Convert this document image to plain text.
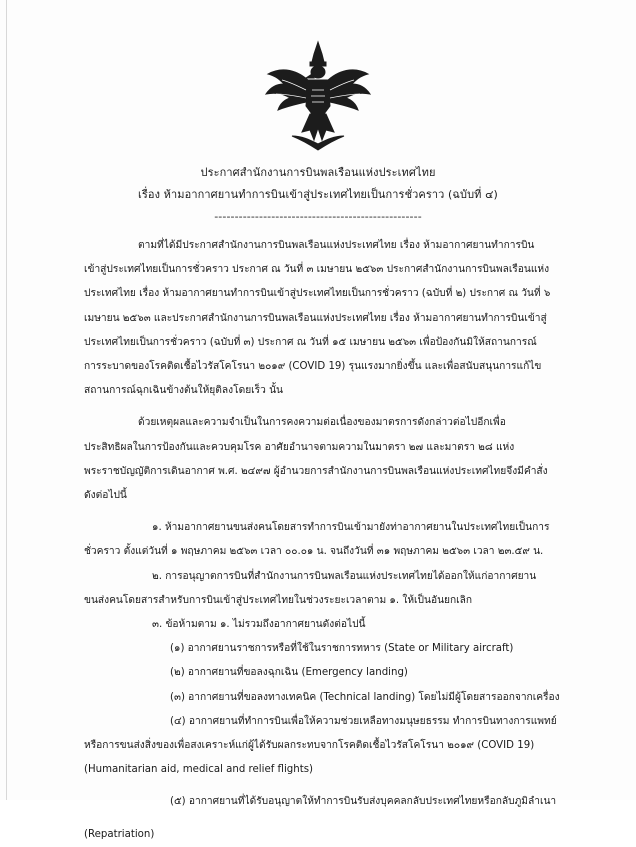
ประกาศสำนักงานการบินพลเรือนแห่งประเทศไทย
เรื่อง ห้ามอากาศยานทำการบินเข้าสู่ประเทศไทยเป็นการชั่วคราว (ฉบับที่ ๔)
---------------------------------------------------

ตามที่ได้มีประกาศสำนักงานการบินพลเรือนแห่งประเทศไทย เรื่อง ห้ามอากาศยานทำการบิน

เข้าสู่ประเทศไทยเป็นการชั่วคราว ประกาศ ณ วันที่ ๓ เมษายน ๒๕๖๓ ประกาศสำนักงานการบินพลเรือนแห่ง

ประเทศไทย เรื่อง ห้ามอากาศยานทำการบินเข้าสู่ประเทศไทยเป็นการชั่วคราว (ฉบับที่ ๒) ประกาศ ณ วันที่ ๖

เมษายน ๒๕๖๓ และประกาศสำนักงานการบินพลเรือนแห่งประเทศไทย เรื่อง ห้ามอากาศยานทำการบินเข้าสู่

ประเทศไทยเป็นการชั่วคราว (ฉบับที่ ๓) ประกาศ ณ วันที่ ๑๕ เมษายน ๒๕๖๓ เพื่อป้องกันมิให้สถานการณ์

การระบาดของโรคติดเชื้อไวรัสโคโรนา ๒๐๑๙ (COVID 19) รุนแรงมากยิ่งขึ้น และเพื่อสนับสนุนการแก้ไข

สถานการณ์ฉุกเฉินข้างต้นให้ยุติลงโดยเร็ว นั้น

ด้วยเหตุผลและความจำเป็นในการคงความต่อเนื่องของมาตรการดังกล่าวต่อไปอีกเพื่อ

ประสิทธิผลในการป้องกันและควบคุมโรค อาศัยอำนาจตามความในมาตรา ๒๗ และมาตรา ๒๘ แห่ง

พระราชบัญญัติการเดินอากาศ พ.ศ. ๒๔๙๗ ผู้อำนวยการสำนักงานการบินพลเรือนแห่งประเทศไทยจึงมีคำสั่ง

ดังต่อไปนี้

๑. ห้ามอากาศยานขนส่งคนโดยสารทำการบินเข้ามายังท่าอากาศยานในประเทศไทยเป็นการ

ชั่วคราว ตั้งแต่วันที่ ๑ พฤษภาคม ๒๕๖๓ เวลา ๐๐.๐๑ น. จนถึงวันที่ ๓๑ พฤษภาคม ๒๕๖๓ เวลา ๒๓.๕๙ น.

๒. การอนุญาตการบินที่สำนักงานการบินพลเรือนแห่งประเทศไทยได้ออกให้แก่อากาศยาน

ขนส่งคนโดยสารสำหรับการบินเข้าสู่ประเทศไทยในช่วงระยะเวลาตาม ๑. ให้เป็นอันยกเลิก

๓. ข้อห้ามตาม ๑. ไม่รวมถึงอากาศยานดังต่อไปนี้

(๑) อากาศยานราชการหรือที่ใช้ในราชการทหาร (State or Military aircraft)

(๒) อากาศยานที่ขอลงฉุกเฉิน (Emergency landing)

(๓) อากาศยานที่ขอลงทางเทคนิค (Technical landing) โดยไม่มีผู้โดยสารออกจากเครื่อง

(๔) อากาศยานที่ทำการบินเพื่อให้ความช่วยเหลือทางมนุษยธรรม ทำการบินทางการแพทย์

หรือการขนส่งสิ่งของเพื่อสงเคราะห์แก่ผู้ได้รับผลกระทบจากโรคติดเชื้อไวรัสโคโรนา ๒๐๑๙ (COVID 19)

(Humanitarian aid, medical and relief flights)

(๕) อากาศยานที่ได้รับอนุญาตให้ทำการบินรับส่งบุคคลกลับประเทศไทยหรือกลับภูมิลำเนา

(Repatriation)
